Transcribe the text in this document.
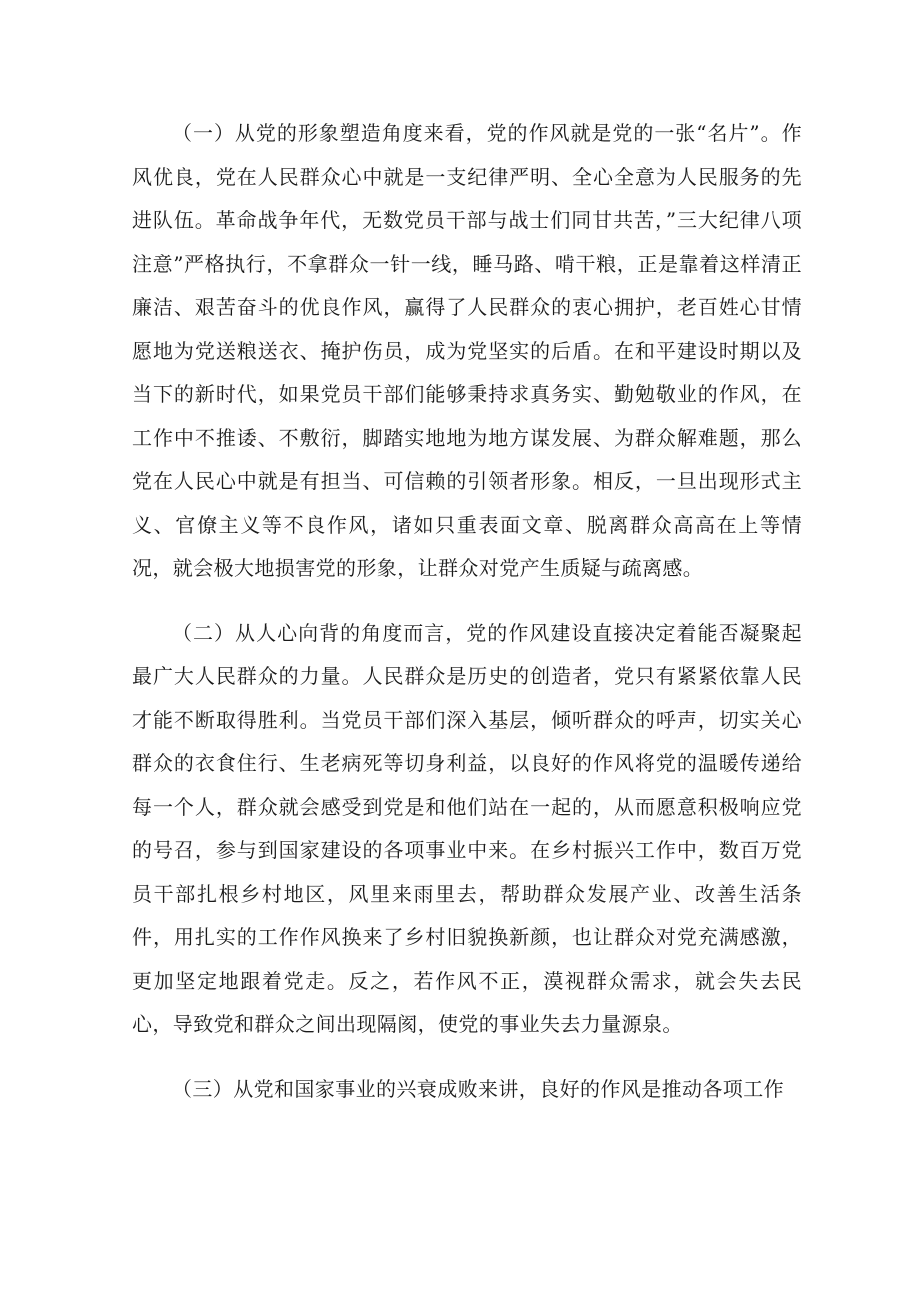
（一）从党的形象塑造角度来看，党的作风就是党的一张“名片”。作风优良，党在人民群众心中就是一支纪律严明、全心全意为人民服务的先进队伍。革命战争年代，无数党员干部与战士们同甘共苦，”三大纪律八项注意”严格执行，不拿群众一针一线，睡马路、啃干粮，正是靠着这样清正廉洁、艰苦奋斗的优良作风，赢得了人民群众的衷心拥护，老百姓心甘情愿地为党送粮送衣、掩护伤员，成为党坚实的后盾。在和平建设时期以及当下的新时代，如果党员干部们能够秉持求真务实、勤勉敬业的作风，在工作中不推诿、不敷衍，脚踏实地地为地方谋发展、为群众解难题，那么党在人民心中就是有担当、可信赖的引领者形象。相反，一旦出现形式主义、官僚主义等不良作风，诸如只重表面文章、脱离群众高高在上等情况，就会极大地损害党的形象，让群众对党产生质疑与疏离感。

（二）从人心向背的角度而言，党的作风建设直接决定着能否凝聚起最广大人民群众的力量。人民群众是历史的创造者，党只有紧紧依靠人民才能不断取得胜利。当党员干部们深入基层，倾听群众的呼声，切实关心群众的衣食住行、生老病死等切身利益，以良好的作风将党的温暖传递给每一个人，群众就会感受到党是和他们站在一起的，从而愿意积极响应党的号召，参与到国家建设的各项事业中来。在乡村振兴工作中，数百万党员干部扎根乡村地区，风里来雨里去，帮助群众发展产业、改善生活条件，用扎实的工作作风换来了乡村旧貌换新颜，也让群众对党充满感激，更加坚定地跟着党走。反之，若作风不正，漠视群众需求，就会失去民心，导致党和群众之间出现隔阂，使党的事业失去力量源泉。

（三）从党和国家事业的兴衰成败来讲，良好的作风是推动各项工作
